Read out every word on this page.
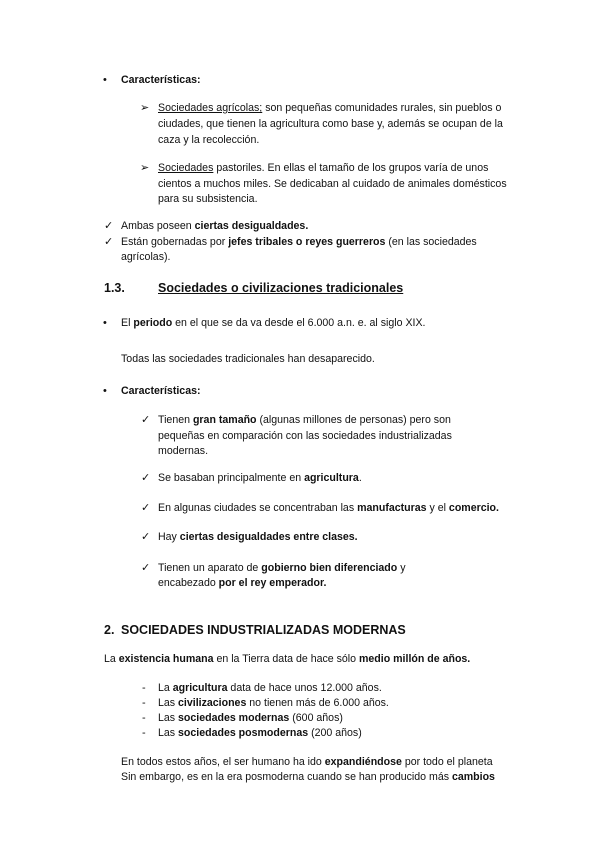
• Características:
➢ Sociedades agrícolas; son pequeñas comunidades rurales, sin pueblos o
ciudades, que tienen la agricultura como base y, además se ocupan de la
caza y la recolección.
➢ Sociedades pastoriles. En ellas el tamaño de los grupos varía de unos
cientos a muchos miles. Se dedicaban al cuidado de animales domésticos
para su subsistencia.
✓ Ambas poseen ciertas desigualdades.
✓ Están gobernadas por jefes tribales o reyes guerreros (en las sociedades
agrícolas).
1.3.	Sociedades o civilizaciones tradicionales
• El periodo en el que se da va desde el 6.000 a.n. e. al siglo XIX.
Todas las sociedades tradicionales han desaparecido.
• Características:
✓ Tienen gran tamaño (algunas millones de personas) pero son
pequeñas en comparación con las sociedades industrializadas
modernas.
✓ Se basaban principalmente en agricultura.
✓ En algunas ciudades se concentraban las manufacturas y el comercio.
✓ Hay ciertas desigualdades entre clases.
✓ Tienen un aparato de gobierno bien diferenciado y
encabezado por el rey emperador.
2. SOCIEDADES INDUSTRIALIZADAS MODERNAS
La existencia humana en la Tierra data de hace sólo medio millón de años.
- La agricultura data de hace unos 12.000 años.
- Las civilizaciones no tienen más de 6.000 años.
- Las sociedades modernas (600 años)
- Las sociedades posmodernas (200 años)
En todos estos años, el ser humano ha ido expandiéndose por todo el planeta
Sin embargo, es en la era posmoderna cuando se han producido más cambios
